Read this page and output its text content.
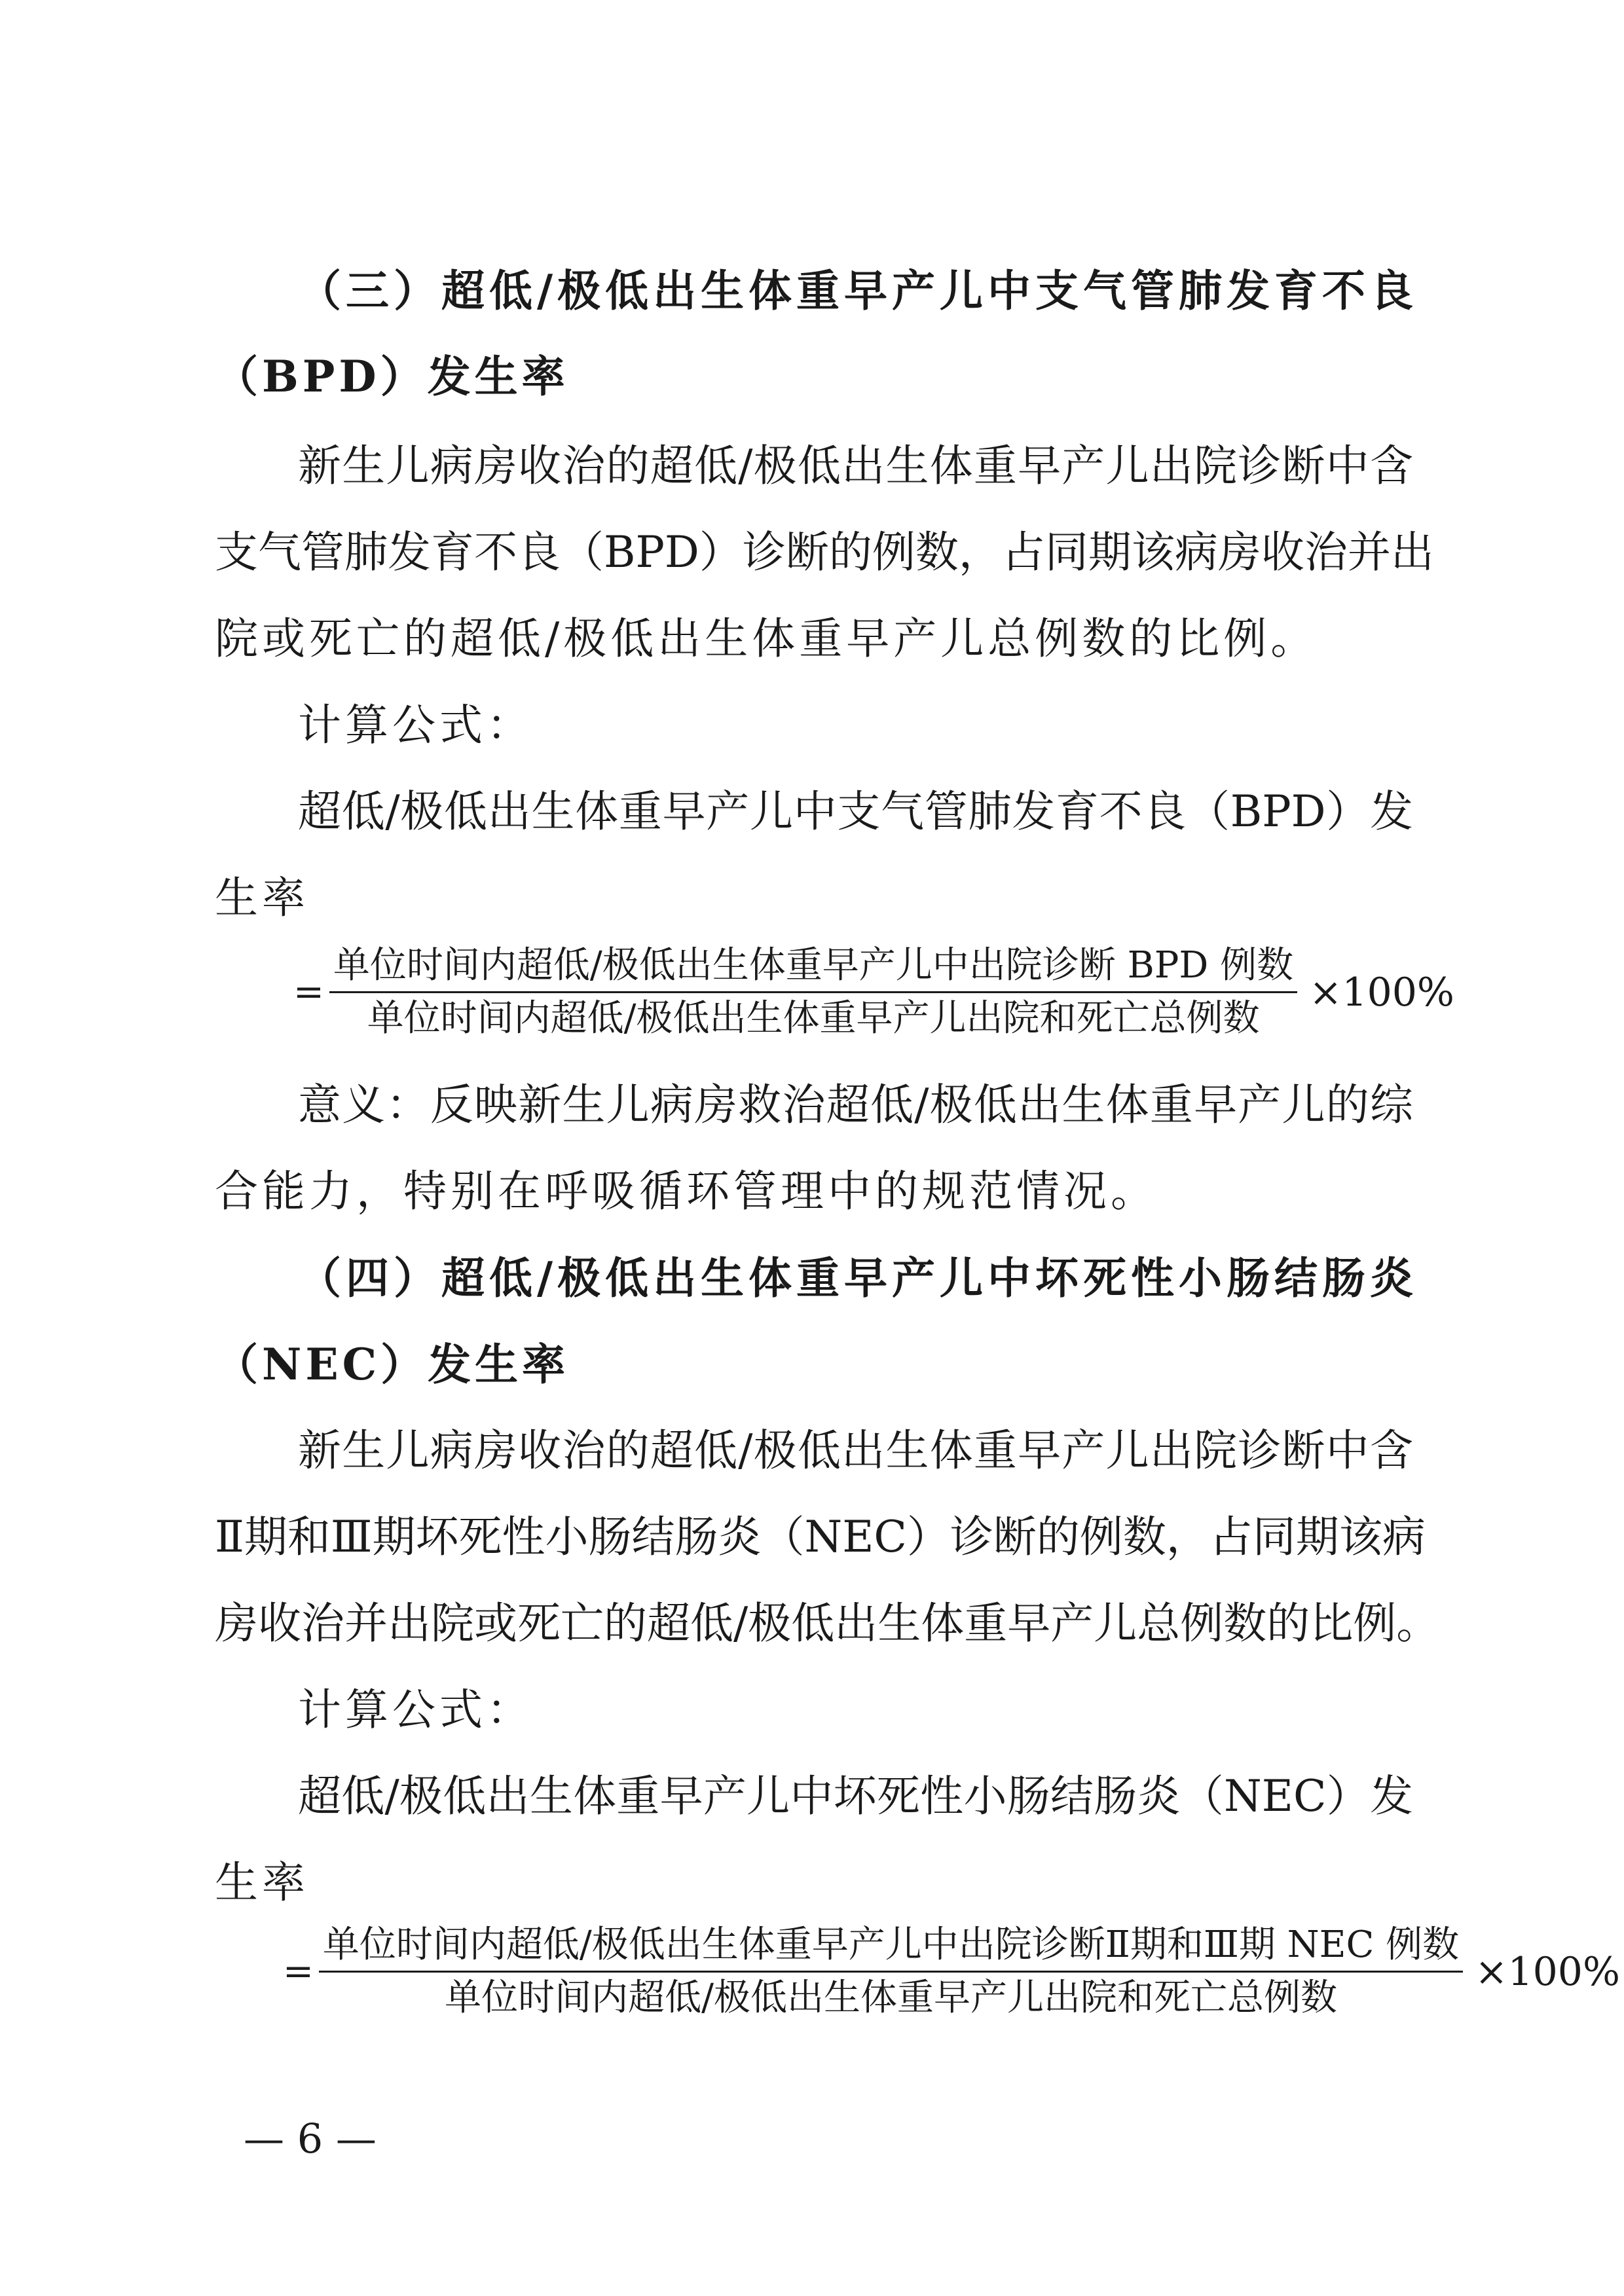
（三）超低/极低出生体重早产儿中支气管肺发育不良
（BPD）发生率
新生儿病房收治的超低/极低出生体重早产儿出院诊断中含
支气管肺发育不良（BPD）诊断的例数，占同期该病房收治并出
院或死亡的超低/极低出生体重早产儿总例数的比例。
计算公式：
超低/极低出生体重早产儿中支气管肺发育不良（BPD）发
生率
= $\frac{\text{单位时间内超低/极低出生体重早产儿中出院诊断 BPD 例数}}{\text{单位时间内超低/极低出生体重早产儿出院和死亡总例数}} \times 100\%$
意义：反映新生儿病房救治超低/极低出生体重早产儿的综
合能力，特别在呼吸循环管理中的规范情况。
（四）超低/极低出生体重早产儿中坏死性小肠结肠炎
（NEC）发生率
新生儿病房收治的超低/极低出生体重早产儿出院诊断中含
Ⅱ期和Ⅲ期坏死性小肠结肠炎（NEC）诊断的例数，占同期该病
房收治并出院或死亡的超低/极低出生体重早产儿总例数的比例。
计算公式：
超低/极低出生体重早产儿中坏死性小肠结肠炎（NEC）发
生率
= $\frac{\text{单位时间内超低/极低出生体重早产儿中出院诊断Ⅱ期和Ⅲ期 NEC 例数}}{\text{单位时间内超低/极低出生体重早产儿出院和死亡总例数}} \times 100\%$
— 6 —
